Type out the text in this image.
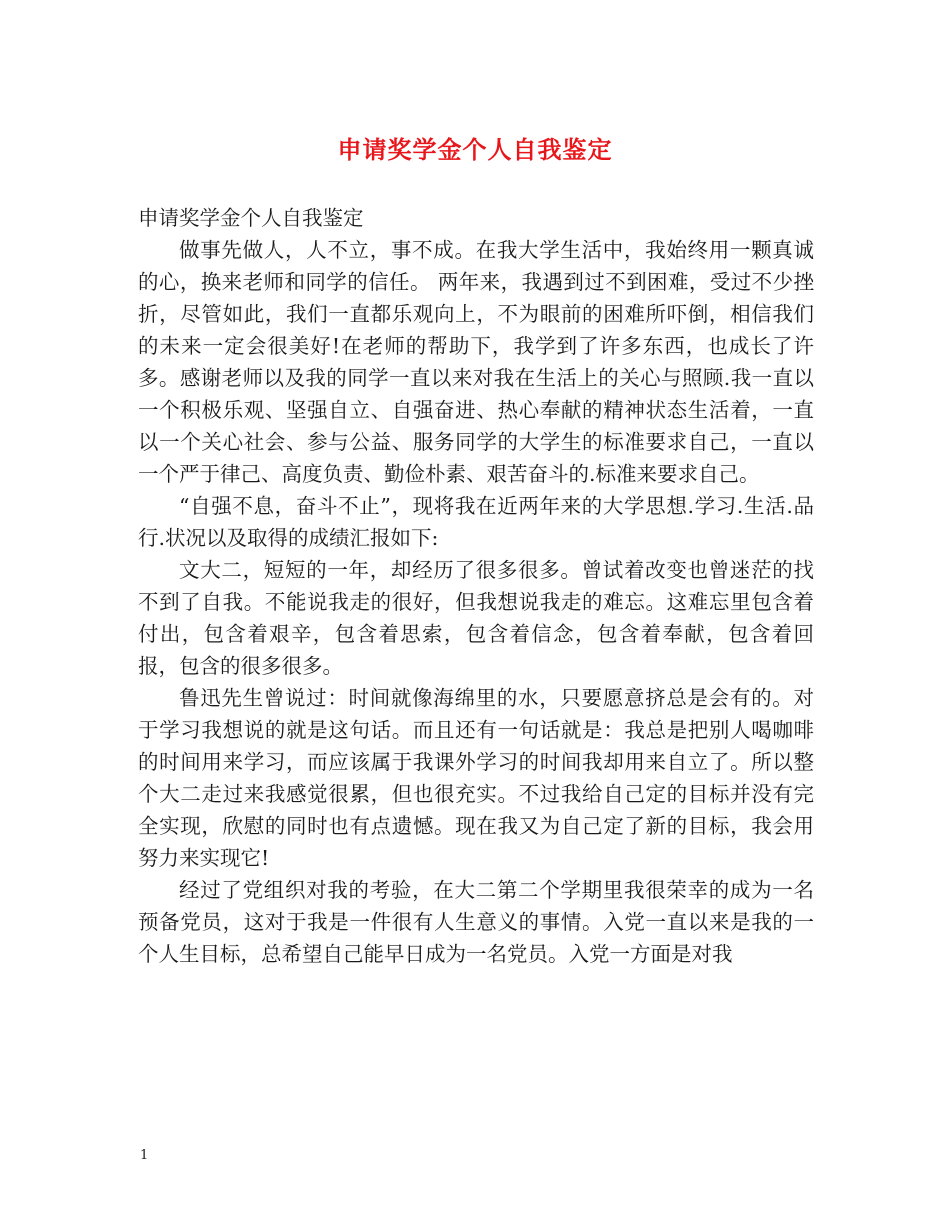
申请奖学金个人自我鉴定

申请奖学金个人自我鉴定

做事先做人，人不立，事不成。在我大学生活中，我始终用一颗真诚的心，换来老师和同学的信任。 两年来，我遇到过不到困难，受过不少挫折，尽管如此，我们一直都乐观向上，不为眼前的困难所吓倒，相信我们的未来一定会很美好!在老师的帮助下，我学到了许多东西，也成长了许多。感谢老师以及我的同学一直以来对我在生活上的关心与照顾.我一直以一个积极乐观、坚强自立、自强奋进、热心奉献的精神状态生活着，一直以一个关心社会、参与公益、服务同学的大学生的标准要求自己，一直以一个严于律己、高度负责、勤俭朴素、艰苦奋斗的.标准来要求自己。

“自强不息，奋斗不止”，现将我在近两年来的大学思想.学习.生活.品行.状况以及取得的成绩汇报如下:

文大二，短短的一年，却经历了很多很多。曾试着改变也曾迷茫的找不到了自我。不能说我走的很好，但我想说我走的难忘。这难忘里包含着付出，包含着艰辛，包含着思索，包含着信念，包含着奉献，包含着回报，包含的很多很多。

鲁迅先生曾说过：时间就像海绵里的水，只要愿意挤总是会有的。对于学习我想说的就是这句话。而且还有一句话就是：我总是把别人喝咖啡的时间用来学习，而应该属于我课外学习的时间我却用来自立了。所以整个大二走过来我感觉很累，但也很充实。不过我给自己定的目标并没有完全实现，欣慰的同时也有点遗憾。现在我又为自己定了新的目标，我会用努力来实现它!

经过了党组织对我的考验，在大二第二个学期里我很荣幸的成为一名预备党员，这对于我是一件很有人生意义的事情。入党一直以来是我的一个人生目标，总希望自己能早日成为一名党员。入党一方面是对我

1
